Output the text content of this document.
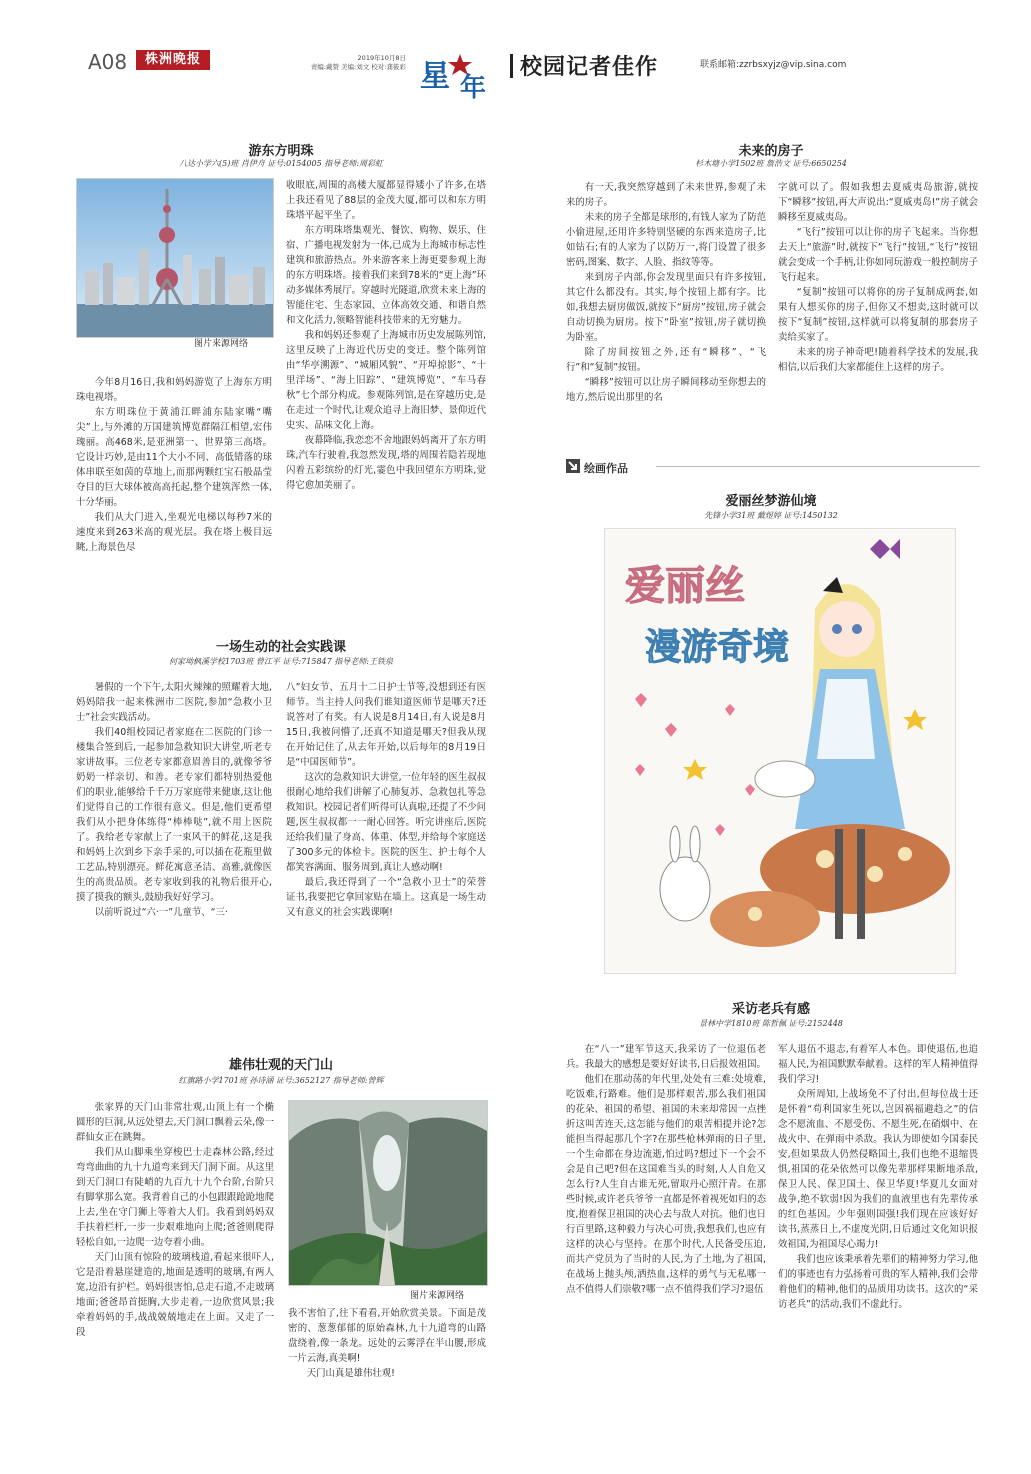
A08	株洲晚报	2019年10月8日
责编:戴赞 美编:刘文 校对:龚筱彩 星 年
校园记者佳作	联系邮箱:zzrbsxyjz@vip.sina.com
游东方明珠
八达小学六(5)班 肖伊舟 证号:0154005 指导老师:周彩虹
图片来源网络

今年8月16日,我和妈妈游览了上海东方明珠电视塔。

东方明珠位于黄浦江畔浦东陆家嘴“嘴尖”上,与外滩的万国建筑博览群隔江相望,宏伟瑰丽。高468米,是亚洲第一、世界第三高塔。它设计巧妙,是由11个大小不同、高低错落的球体串联至如茵的草地上,而那两颗红宝石般晶莹夺目的巨大球体被高高托起,整个建筑浑然一体,十分华丽。

我们从大门进入,坐观光电梯以每秒7米的速度来到263米高的观光层。我在塔上极目远眺,上海景色尽

收眼底,周围的高楼大厦都显得矮小了许多,在塔上我还看见了88层的金茂大厦,都可以和东方明珠塔平起平坐了。

东方明珠塔集观光、餐饮、购物、娱乐、住宿、广播电视发射为一体,已成为上海城市标志性建筑和旅游热点。外来游客来上海更要参观上海的东方明珠塔。接着我们来到78米的“更上海”环动多媒体秀展厅。穿越时光隧道,欣赏未来上海的智能住宅、生态家园、立体高效交通、和谐自然和文化活力,领略智能科技带来的无穷魅力。

我和妈妈还参观了上海城市历史发展陈列馆,这里反映了上海近代历史的变迁。整个陈列馆由“华亭溯源”、“城厢风貌”、“开埠掠影”、“十里洋场”、“海上旧踪”、“建筑博览”、“车马春秋”七个部分构成。参观陈列馆,是在穿越历史,是在走过一个时代,让观众追寻上海旧梦、景仰近代史实、品味文化上海。

夜幕降临,我恋恋不舍地跟妈妈离开了东方明珠,汽车行驶着,我忽然发现,塔的周围若隐若现地闪着五彩缤纷的灯光,霎色中我回望东方明珠,觉得它愈加美丽了。

一场生动的社会实践课
何家坳枫溪学校1703班 曾江平 证号:715847 指导老师:王铁泉

暑假的一个下午,太阳火辣辣的照耀着大地,妈妈陪我一起来株洲市二医院,参加“急救小卫士”社会实践活动。

我们40组校园记者家庭在二医院的门诊一楼集合签到后,一起参加急救知识大讲堂,听老专家讲故事。三位老专家都意眉善目的,就像爷爷奶奶一样亲切、和善。老专家们都特别热爱他们的职业,能够给千千万万家庭带来健康,这让他们觉得自己的工作很有意义。但是,他们更希望我们从小把身体练得“棒棒哒”,就不用上医院了。我给老专家献上了一束风干的鲜花,这是我和妈妈上次到乡下亲手采的,可以插在花瓶里做工艺品,特别漂亮。鲜花寓意圣洁、高雅,就像医生的高贵品质。老专家收到我的礼物后很开心,摸了摸我的额头,鼓励我好好学习。

以前听说过“六·一”儿童节、“三·

八”妇女节、五月十二日护士节等,没想到还有医师节。当主持人问我们谁知道医师节是哪天?还说答对了有奖。有人说是8月14日,有人说是8月15日,我被问懵了,还真不知道是哪天?但我从现在开始记住了,从去年开始,以后每年的8月19日是“中国医师节”。

这次的急救知识大讲堂,一位年轻的医生叔叔很耐心地给我们讲解了心肺复苏、急救包扎等急救知识。校园记者们听得可认真啦,还提了不少问题,医生叔叔都一一耐心回答。听完讲座后,医院还给我们量了身高、体重、体型,并给每个家庭送了300多元的体检卡。医院的医生、护士每个人都笑容满面、服务周到,真让人感动啊!

最后,我还得到了一个“急救小卫士”的荣誉证书,我要把它拿回家贴在墙上。这真是一场生动又有意义的社会实践课啊!

雄伟壮观的天门山
红旗路小学1701班 孙诗涵 证号:3652127 指导老师:曾辉

张家界的天门山非常壮观,山顶上有一个椭圆形的巨洞,从远处望去,天门洞口飘着云朵,像一群仙女正在跳舞。

我们从山脚乘坐穿梭巴士走森林公路,经过弯弯曲曲的九十九道弯来到天门洞下面。从这里到天门洞口有陡峭的九百九十九个台阶,台阶只有脚掌那么宽。我背着自己的小包跟跟跄跄地爬上去,坐在守门狮上等着大人们。我看到妈妈双手扶着栏杆,一步一步艰难地向上爬;爸爸则爬得轻松自如,一边爬一边夸着小曲。

天门山顶有惊险的玻璃栈道,看起来很吓人,它是沿着悬崖建造的,地面是透明的玻璃,有两人宽,边沿有护栏。妈妈很害怕,总走石道,不走玻璃地面;爸爸昂首挺胸,大步走着,一边欣赏风景;我牵着妈妈的手,战战兢兢地走在上面。又走了一段

图片来源网络

我不害怕了,往下看看,开始欣赏美景。下面是茂密的、葱葱郁郁的原始森林,九十九道弯的山路盘绕着,像一条龙。远处的云雾浮在半山腰,形成一片云海,真美啊!

天门山真是雄伟壮观!

未来的房子
杉木塘小学1502班 詹浩文 证号:6650254

有一天,我突然穿越到了未来世界,参观了未来的房子。

未来的房子全都是球形的,有钱人家为了防范小偷进屋,还用许多特别坚硬的东西来造房子,比如钻石;有的人家为了以防万一,将门设置了很多密码,图案、数字、人脸、指纹等等。

来到房子内部,你会发现里面只有许多按钮,其它什么都没有。其实,每个按钮上都有字。比如,我想去厨房做饭,就按下“厨房”按钮,房子就会自动切换为厨房。按下“卧室”按钮,房子就切换为卧室。

除了房间按钮之外,还有“瞬移”、“飞行”和“复制”按钮。

“瞬移”按钮可以让房子瞬间移动至你想去的地方,然后说出那里的名

字就可以了。假如我想去夏威夷岛旅游,就按下“瞬移”按钮,再大声说出:“夏威夷岛!”房子就会瞬移至夏威夷岛。

“飞行”按钮可以让你的房子飞起来。当你想去天上“旅游”时,就按下“飞行”按钮,“飞行”按钮就会变成一个手柄,让你如同玩游戏一般控制房子飞行起来。

“复制”按钮可以将你的房子复制成两套,如果有人想买你的房子,但你又不想卖,这时就可以按下“复制”按钮,这样就可以将复制的那套房子卖给买家了。

未来的房子神奇吧!随着科学技术的发展,我相信,以后我们大家都能住上这样的房子。

绘画作品
爱丽丝梦游仙境
先锋小学31班 戴煜婷 证号:1450132
爱丽丝
漫游奇境
采访老兵有感
景林中学1810班 陈哲佩 证号:2152448

在“八一”建军节这天,我采访了一位退伍老兵。我最大的感想是要好好读书,日后报效祖国。

他们在那动荡的年代里,处处有三难:处境难,吃饭难,行路难。他们是那样艰苦,那么我们祖国的花朵、祖国的希望、祖国的未来却常因一点挫折这叫苦连天,这怎能与他们的艰苦相提并论?怎能担当得起那几个字?在那些枪林弹雨的日子里,一个生命都在身边流逝,怕过吗?想过下一个会不会是自己吧?但在这国难当头的时刻,人人自危又怎么行?人生自古谁无死,留取丹心照汗青。在那些时候,或许老兵爷爷一直都是怀着视死如归的态度,抱着保卫祖国的决心去与敌人对抗。他们也日行百里路,这种毅力与决心可贵,我想我们,也应有这样的决心与坚持。在那个时代,人民备受压迫,而共产党员为了当时的人民,为了土地,为了祖国,在战场上抛头颅,洒热血,这样的勇气与无私哪一点不值得人们崇敬?哪一点不值得我们学习?退伍

军人退伍不退志,有着军人本色。即使退伍,也追福人民,为祖国默默奉献着。这样的军人精神值得我们学习!

众所周知,上战场免不了付出,但每位战士还是怀着“苟利国家生死以,岂因祸福避趋之”的信念不愿流血、不愿受伤、不愿生死,在硝烟中、在战火中、在弹雨中杀敌。我认为即使如今国泰民安,但如果敌人仍然侵略国土,我们也绝不退缩畏惧,祖国的花朵依然可以像先辈那样果断地杀敌,保卫人民、保卫国土、保卫华夏!华夏儿女面对战争,绝不软弱!因为我们的血液里也有先辈传承的红色基因。少年强则国强!我们现在应该好好读书,蒸蒸日上,不虚度光阴,日后通过文化知识报效祖国,为祖国尽心竭力!

我们也应该秉承着先辈们的精神努力学习,他们的事迹也有力弘扬着可贵的军人精神,我们会带着他们的精神,他们的品质用功读书。这次的“采访老兵”的活动,我们不虚此行。
